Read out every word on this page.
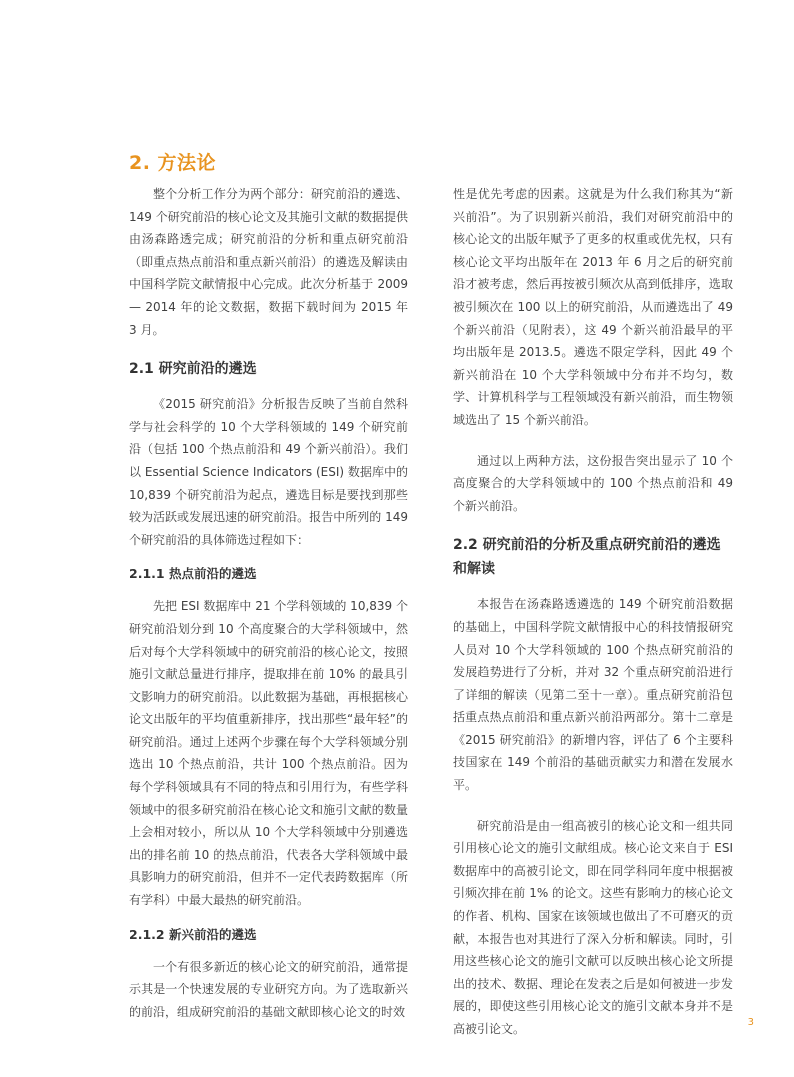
2. 方法论

整个分析工作分为两个部分：研究前沿的遴选、149 个研究前沿的核心论文及其施引文献的数据提供由汤森路透完成；研究前沿的分析和重点研究前沿（即重点热点前沿和重点新兴前沿）的遴选及解读由中国科学院文献情报中心完成。此次分析基于 2009 — 2014 年的论文数据，数据下载时间为 2015 年 3 月。

2.1 研究前沿的遴选

《2015 研究前沿》分析报告反映了当前自然科学与社会科学的 10 个大学科领域的 149 个研究前沿（包括 100 个热点前沿和 49 个新兴前沿）。我们以 Essential Science Indicators (ESI) 数据库中的 10,839 个研究前沿为起点，遴选目标是要找到那些较为活跃或发展迅速的研究前沿。报告中所列的 149 个研究前沿的具体筛选过程如下：

2.1.1 热点前沿的遴选

先把 ESI 数据库中 21 个学科领域的 10,839 个研究前沿划分到 10 个高度聚合的大学科领域中，然后对每个大学科领域中的研究前沿的核心论文，按照施引文献总量进行排序，提取排在前 10% 的最具引文影响力的研究前沿。以此数据为基础，再根据核心论文出版年的平均值重新排序，找出那些“最年轻”的研究前沿。通过上述两个步骤在每个大学科领域分别选出 10 个热点前沿，共计 100 个热点前沿。因为每个学科领域具有不同的特点和引用行为，有些学科领域中的很多研究前沿在核心论文和施引文献的数量上会相对较小，所以从 10 个大学科领域中分别遴选出的排名前 10 的热点前沿，代表各大学科领域中最具影响力的研究前沿，但并不一定代表跨数据库（所有学科）中最大最热的研究前沿。

2.1.2 新兴前沿的遴选

一个有很多新近的核心论文的研究前沿，通常提示其是一个快速发展的专业研究方向。为了选取新兴的前沿，组成研究前沿的基础文献即核心论文的时效

性是优先考虑的因素。这就是为什么我们称其为“新兴前沿”。为了识别新兴前沿，我们对研究前沿中的核心论文的出版年赋予了更多的权重或优先权，只有核心论文平均出版年在 2013 年 6 月之后的研究前沿才被考虑，然后再按被引频次从高到低排序，选取被引频次在 100 以上的研究前沿，从而遴选出了 49 个新兴前沿（见附表），这 49 个新兴前沿最早的平均出版年是 2013.5。遴选不限定学科，因此 49 个新兴前沿在 10 个大学科领域中分布并不均匀，数学、计算机科学与工程领域没有新兴前沿，而生物领域选出了 15 个新兴前沿。

通过以上两种方法，这份报告突出显示了 10 个高度聚合的大学科领域中的 100 个热点前沿和 49 个新兴前沿。

2.2 研究前沿的分析及重点研究前沿的遴选和解读

本报告在汤森路透遴选的 149 个研究前沿数据的基础上，中国科学院文献情报中心的科技情报研究人员对 10 个大学科领域的 100 个热点研究前沿的发展趋势进行了分析，并对 32 个重点研究前沿进行了详细的解读（见第二至十一章）。重点研究前沿包括重点热点前沿和重点新兴前沿两部分。第十二章是《2015 研究前沿》的新增内容，评估了 6 个主要科技国家在 149 个前沿的基础贡献实力和潜在发展水平。

研究前沿是由一组高被引的核心论文和一组共同引用核心论文的施引文献组成。核心论文来自于 ESI 数据库中的高被引论文，即在同学科同年度中根据被引频次排在前 1% 的论文。这些有影响力的核心论文的作者、机构、国家在该领域也做出了不可磨灭的贡献，本报告也对其进行了深入分析和解读。同时，引用这些核心论文的施引文献可以反映出核心论文所提出的技术、数据、理论在发表之后是如何被进一步发展的，即使这些引用核心论文的施引文献本身并不是高被引论文。	3
